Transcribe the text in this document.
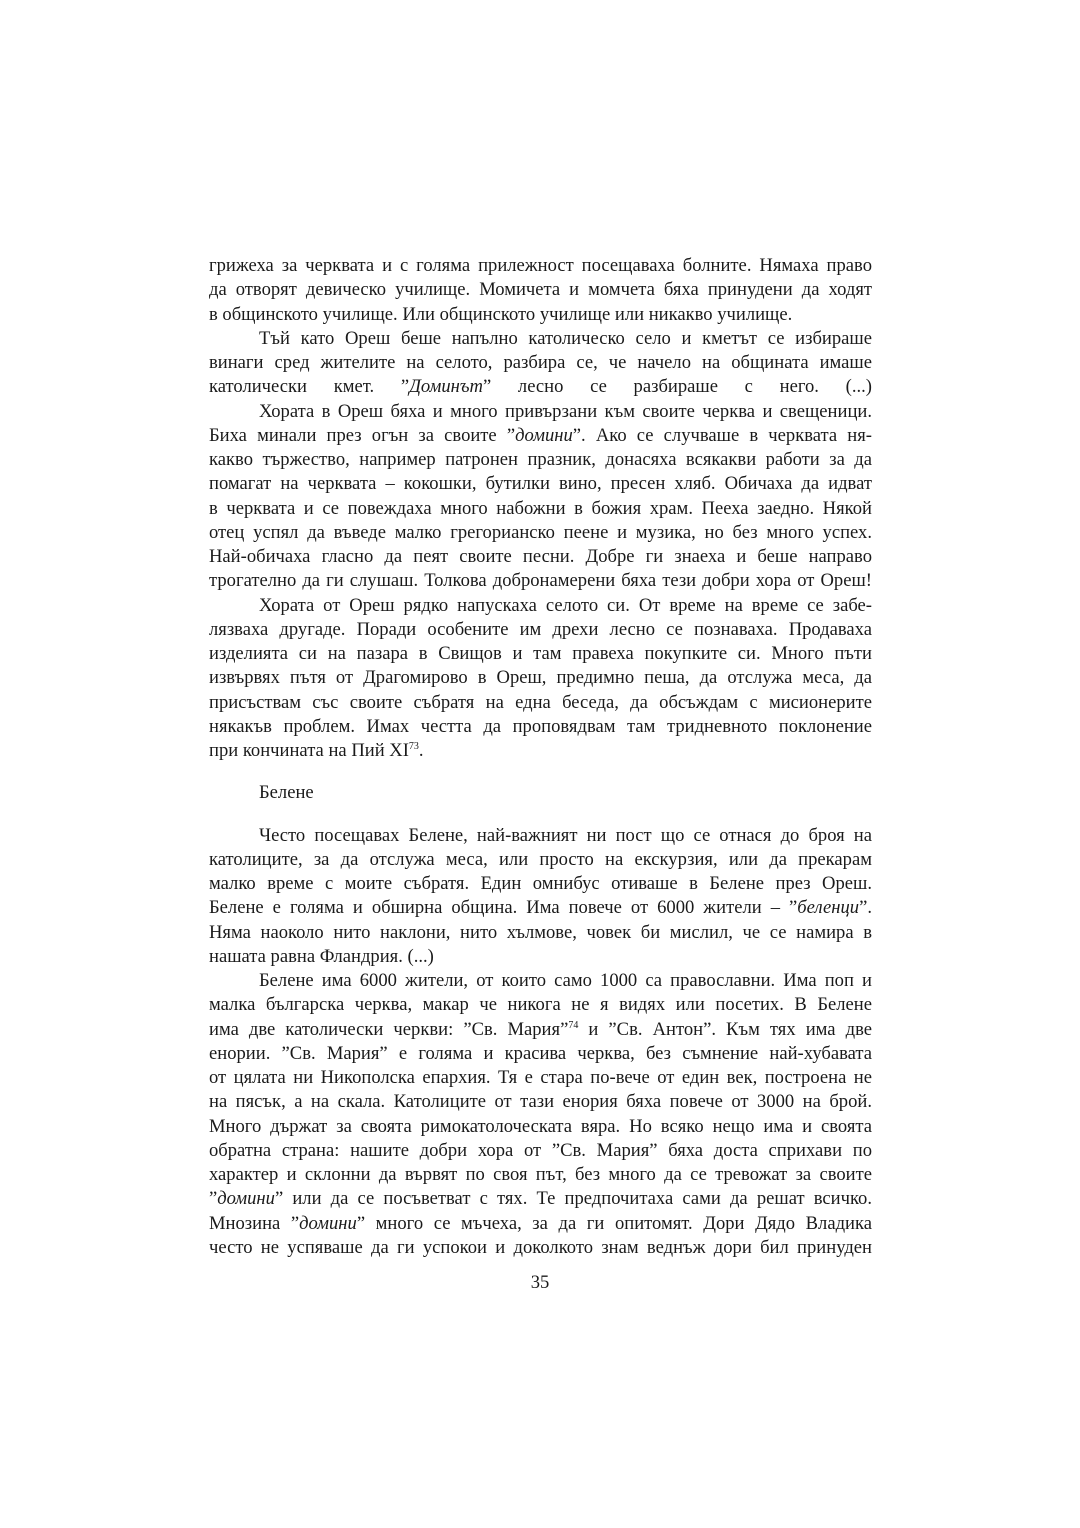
грижеха за черквата и с голяма прилежност посещаваха болните. Нямаха право
да отворят девическо училище. Момичета и момчета бяха принудени да ходят
в общинското училище. Или общинското училище или никакво училище.
Тъй като Ореш беше напълно католическо село и кметът се избираше
винаги сред жителите на селото, разбира се, че начело на общината имаше
католически кмет. ”Доминът” лесно се разбираше с него. (...)
Хората в Ореш бяха и много привързани към своите черква и свещеници.
Биха минали през огън за своите ”домини”. Ако се случваше в черквата ня-
какво тържество, например патронен празник, донасяха всякакви работи за да
помагат на черквата – кокошки, бутилки вино, пресен хляб. Обичаха да идват
в черквата и се повеждаха много набожни в божия храм. Пееха заедно. Някой
отец успял да въведе малко грегорианско пеене и музика, но без много успех.
Най-обичаха гласно да пеят своите песни. Добре ги знаеха и беше направо
трогателно да ги слушаш. Толкова добронамерени бяха тези добри хора от Ореш!
Хората от Ореш рядко напускаха селото си. От време на време се забе-
лязваха другаде. Поради особените им дрехи лесно се познаваха. Продаваха
изделията си на пазара в Свищов и там правеха покупките си. Много пъти
извървях пътя от Драгомирово в Ореш, предимно пеша, да отслужа меса, да
присъствам със своите събратя на една беседа, да обсъждам с мисионерите
някакъв проблем. Имах честта да проповядвам там тридневното поклонение
при кончината на Пий XI$^{73}$.
Белене
Често посещавах Белене, най-важният ни пост що се отнася до броя на
католиците, за да отслужа меса, или просто на екскурзия, или да прекарам
малко време с моите събратя. Един омнибус отиваше в Белене през Ореш.
Белене е голяма и обширна община. Има повече от 6000 жители – ”беленци”.
Няма наоколо нито наклони, нито хълмове, човек би мислил, че се намира в
нашата равна Фландрия. (...)
Белене има 6000 жители, от които само 1000 са православни. Има поп и
малка българска черква, макар че никога не я видях или посетих. В Белене
има две католически черкви: ”Св. Мария”$^{74}$ и ”Св. Антон”. Към тях има две
енории. ”Св. Мария” е голяма и красива черква, без съмнение най-хубавата
от цялата ни Никополска епархия. Тя е стара по-вече от един век, построена не
на пясък, а на скала. Католиците от тази енория бяха повече от 3000 на брой.
Много държат за своята римокатолоческата вяра. Но всяко нещо има и своята
обратна страна: нашите добри хора от ”Св. Мария” бяха доста сприхави по
характер и склонни да вървят по своя път, без много да се тревожат за своите
”домини” или да се посъветват с тях. Те предпочитаха сами да решат всичко.
Мнозина ”домини” много се мъчеха, за да ги опитомят. Дори Дядо Владика
често не успяваше да ги успокои и доколкото знам веднъж дори бил принуден
35
